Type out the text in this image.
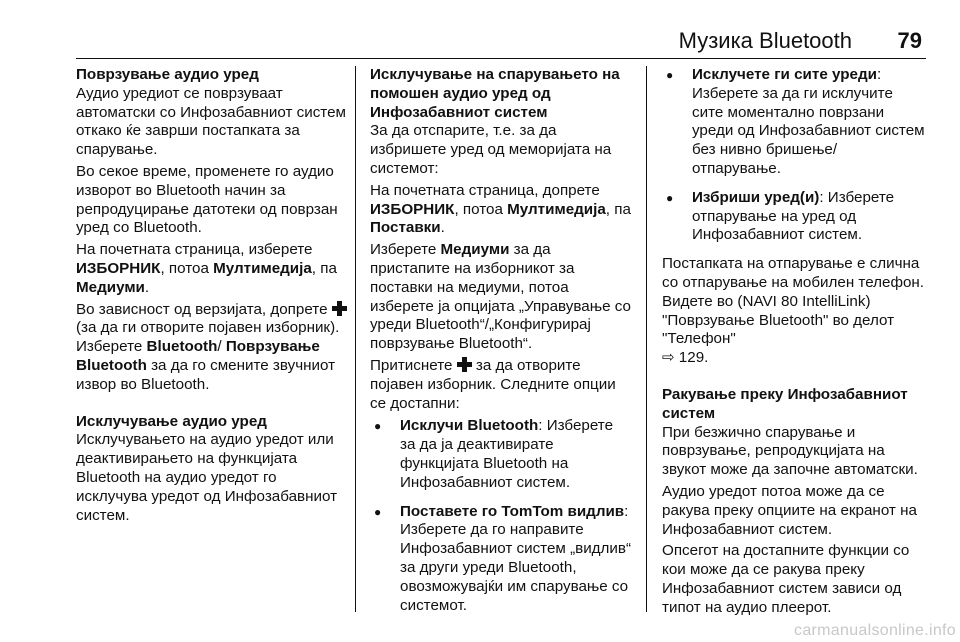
Музика Bluetooth 79

Поврзување аудио уред

Аудио уредиот се поврзуваат автоматски со Инфозабавниот систем откако ќе заврши постапката за спарување.

Во секое време, променете го аудио изворот во Bluetooth начин за репродуцирање датотеки од поврзан уред со Bluetooth.

На почетната страница, изберете ИЗБОРНИК, потоа Мултимедија, па Медиуми.

Во зависност од верзијата, допрете  (за да ги отворите појавен изборник). Изберете Bluetooth/ Поврзување Bluetooth за да го смените звучниот извор во Bluetooth.

Исклучување аудио уред

Исклучувањето на аудио уредот или деактивирањето на функцијата Bluetooth на аудио уредот го исклучува уредот од Инфозабавниот систем.

Исклучување на спарувањето на помошен аудио уред од Инфозабавниот систем

За да отспарите, т.е. за да избришете уред од меморијата на системот:

На почетната страница, допрете ИЗБОРНИК, потоа Мултимедија, па Поставки.

Изберете Медиуми за да пристапите на изборникот за поставки на медиуми, потоа изберете ја опцијата „Управување со уреди Bluetooth“/„Конфигурирај поврзување Bluetooth“.

Притиснете  за да отворите појавен изборник. Следните опции се достапни:

● Исклучи Bluetooth: Изберете за да ја деактивирате функцијата Bluetooth на Инфозабавниот систем.
● Поставете го TomTom видлив: Изберете да го направите Инфозабавниот систем „видлив“ за други уреди Bluetooth, овозможувајќи им спарување со системот.
● Исклучете ги сите уреди: Изберете за да ги исклучите сите моментално поврзани уреди од Инфозабавниот систем без нивно бришење/ отпарување.
● Избриши уред(и): Изберете отпарување на уред од Инфозабавниот систем.

Постапката на отпарување е слична со отпарување на мобилен телефон. Видете во (NAVI 80 IntelliLink) "Поврзување Bluetooth" во делот "Телефон"
⇨ 129.

Ракување преку Инфозабавниот систем

При безжично спарување и поврзување, репродукцијата на звукот може да започне автоматски.

Аудио уредот потоа може да се ракува преку опциите на екранот на Инфозабавниот систем.

Опсегот на достапните функции со кои може да се ракува преку Инфозабавниот систем зависи од типот на аудио плеерот.

carmanualsonline.info
